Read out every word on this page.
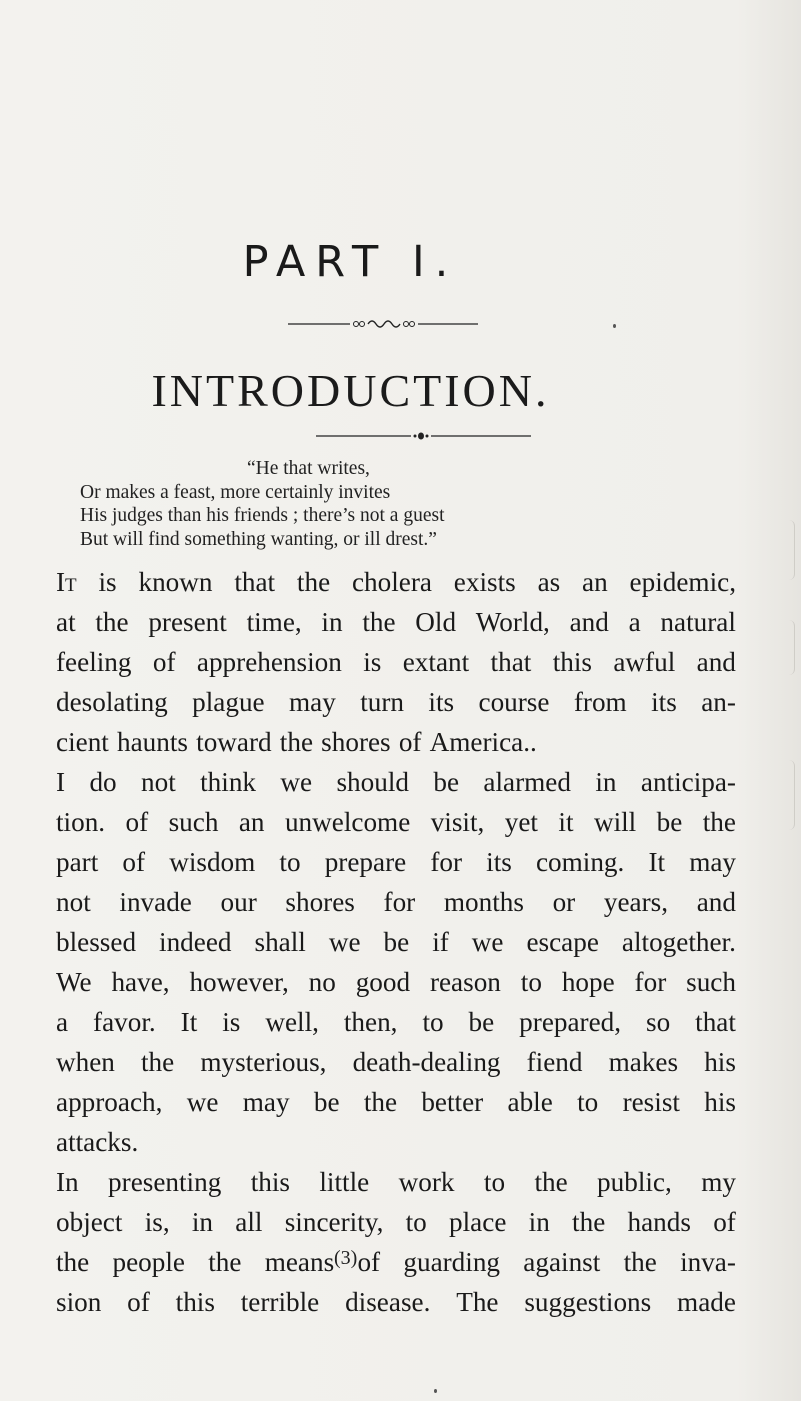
PART I.
INTRODUCTION.
“He that writes,
Or makes a feast, more certainly invites
His judges than his friends ; there’s not a guest
But will find something wanting, or ill drest.”
It is known that the cholera exists as an epidemic,
at the present time, in the Old World, and a natural
feeling of apprehension is extant that this awful and
desolating plague may turn its course from its an-
cient haunts toward the shores of America..
I do not think we should be alarmed in anticipa-
tion. of such an unwelcome visit, yet it will be the
part of wisdom to prepare for its coming. It may
not invade our shores for months or years, and
blessed indeed shall we be if we escape altogether.
We have, however, no good reason to hope for such
a favor. It is well, then, to be prepared, so that
when the mysterious, death-dealing fiend makes his
approach, we may be the better able to resist his
attacks.
In presenting this little work to the public, my
object is, in all sincerity, to place in the hands of
the people the means of guarding against the inva-
sion of this terrible disease. The suggestions made
(3)
